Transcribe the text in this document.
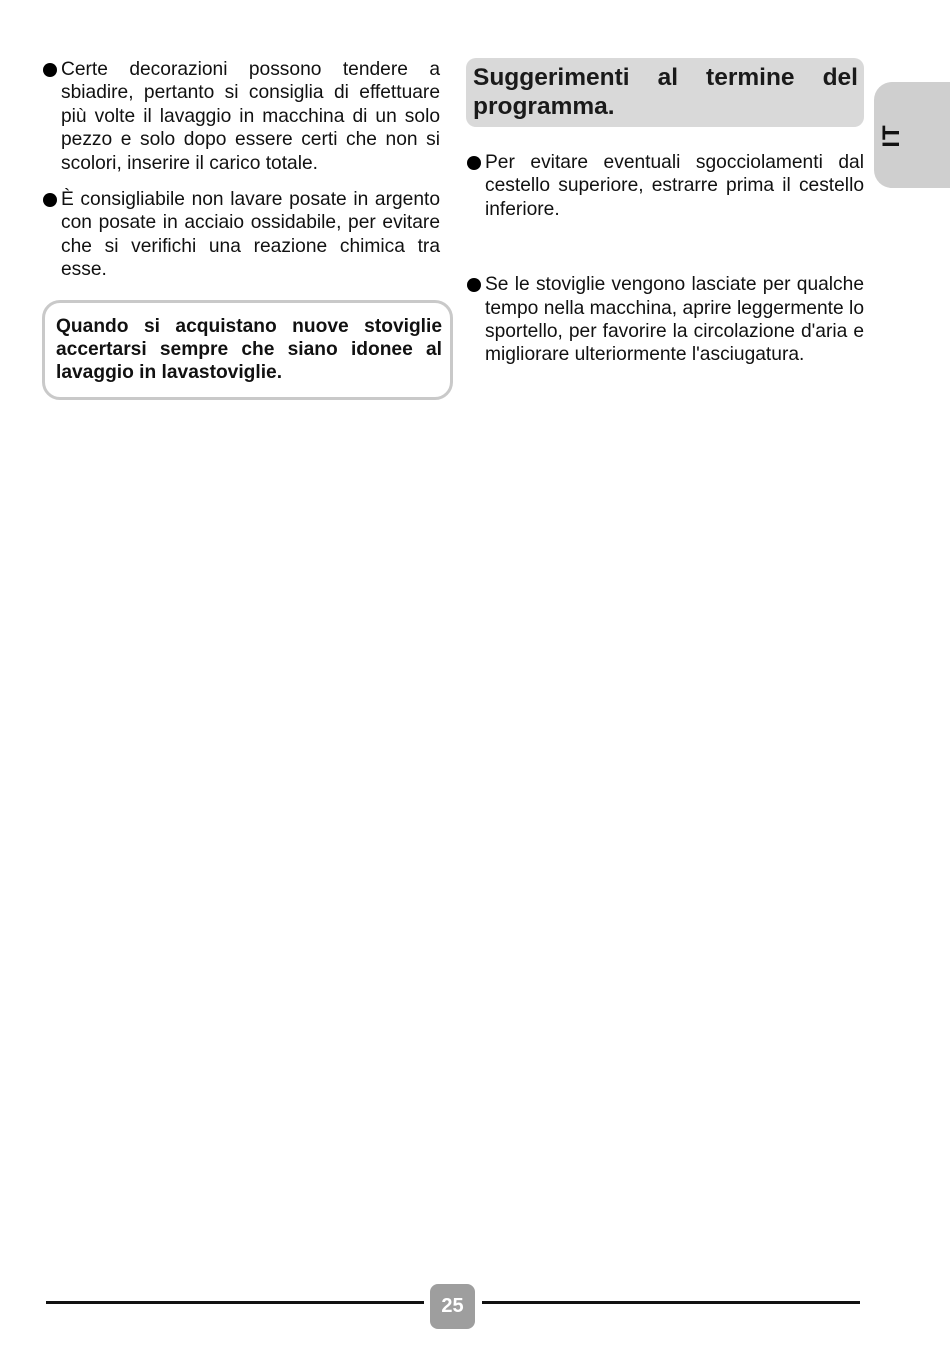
Certe decorazioni possono tendere a sbiadire, pertanto si consiglia di effettuare più volte il lavaggio in macchina di un solo pezzo e solo dopo essere certi che non si scolori, inserire il carico totale.
È consigliabile non lavare posate in argento con posate in acciaio ossidabile, per evitare che si verifichi una reazione chimica tra esse.
Quando si acquistano nuove stoviglie accertarsi sempre che siano idonee al lavaggio in lavastoviglie.
Suggerimenti al termine del programma.
Per evitare eventuali sgocciolamenti dal cestello superiore, estrarre prima il cestello inferiore.
Se le stoviglie vengono lasciate per qualche tempo nella macchina, aprire leggermente lo sportello, per favorire la circolazione d'aria e migliorare ulteriormente l'asciugatura.
IT
25
